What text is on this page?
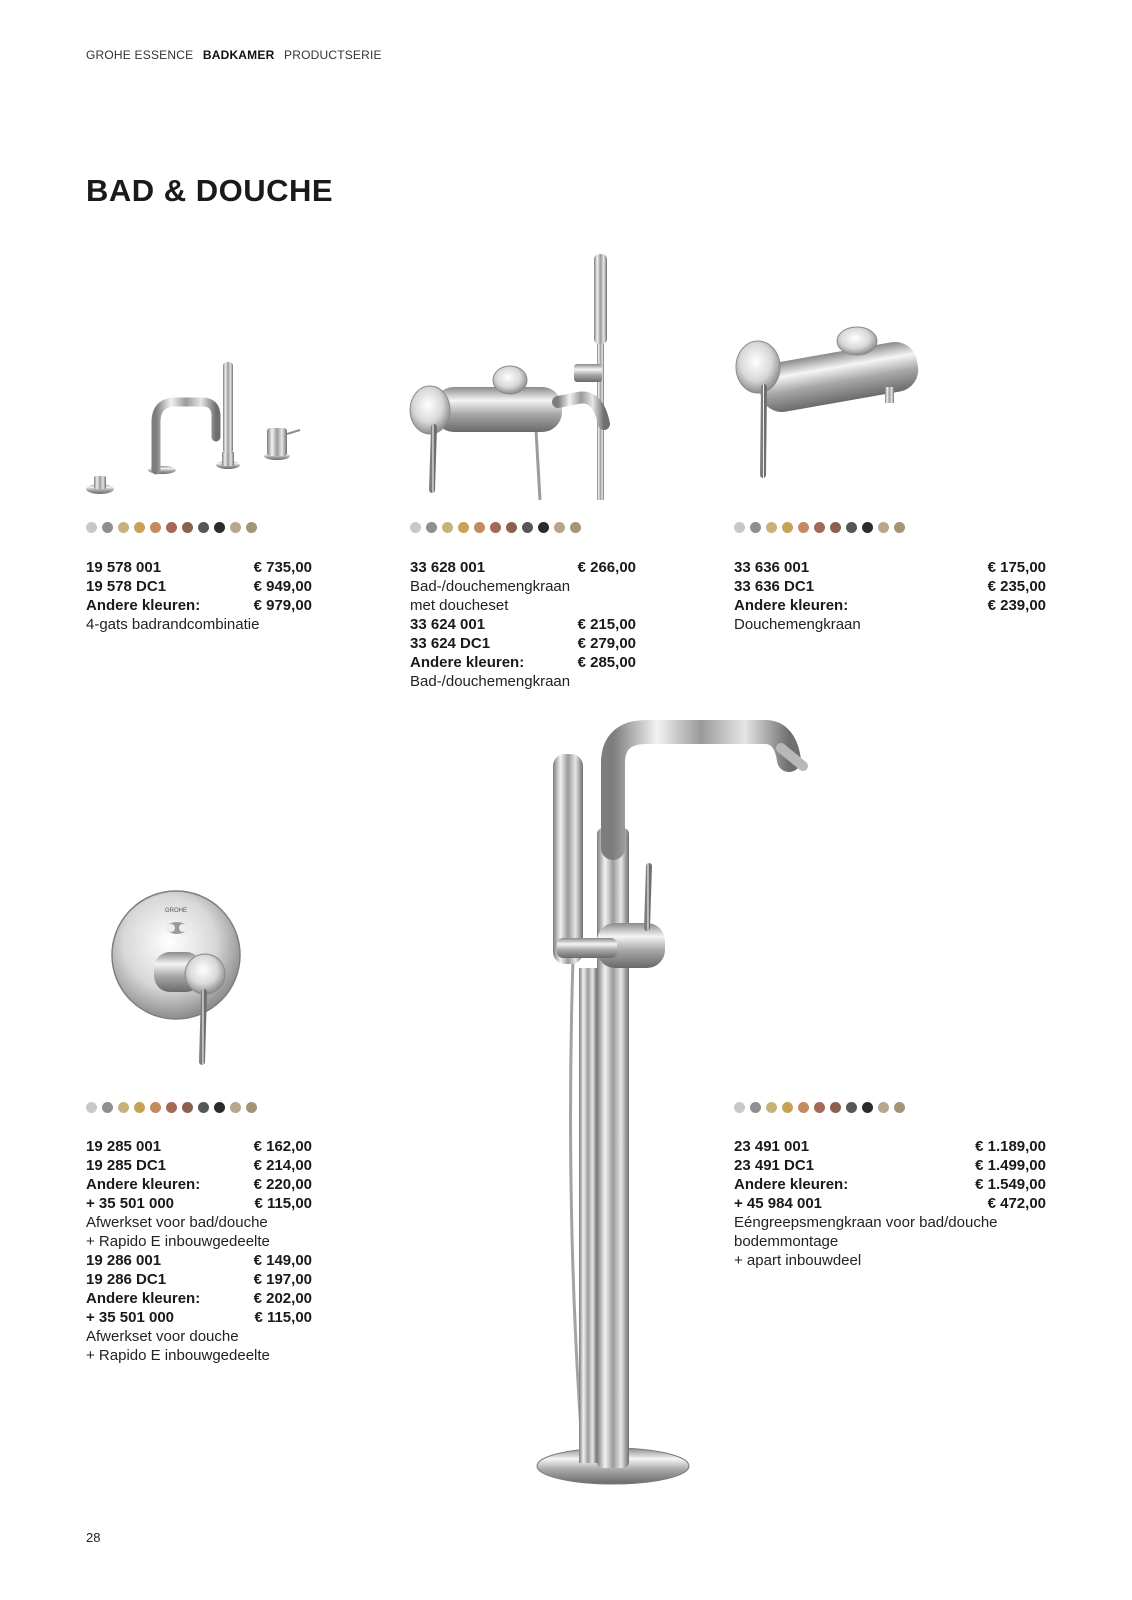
GROHE ESSENCE BADKAMER PRODUCTSERIE
BAD & DOUCHE
GROHE
19 578 001	€ 735,00
19 578 DC1	€ 949,00
Andere kleuren:	€ 979,00
4-gats badrandcombinatie
33 628 001	€ 266,00
Bad-/douchemengkraan
met doucheset
33 624 001	€ 215,00
33 624 DC1	€ 279,00
Andere kleuren:	€ 285,00
Bad-/douchemengkraan
33 636 001	€ 175,00
33 636 DC1	€ 235,00
Andere kleuren:	€ 239,00
Douchemengkraan
19 285 001	€ 162,00
19 285 DC1	€ 214,00
Andere kleuren:	€ 220,00
+ 35 501 000	€ 115,00
Afwerkset voor bad/douche
+ Rapido E inbouwgedeelte
19 286 001	€ 149,00
19 286 DC1	€ 197,00
Andere kleuren:	€ 202,00
+ 35 501 000	€ 115,00
Afwerkset voor douche
+ Rapido E inbouwgedeelte
23 491 001	€ 1.189,00
23 491 DC1	€ 1.499,00
Andere kleuren:	€ 1.549,00
+ 45 984 001	€ 472,00
Eéngreepsmengkraan voor bad/douche
bodemmontage
+ apart inbouwdeel
28
